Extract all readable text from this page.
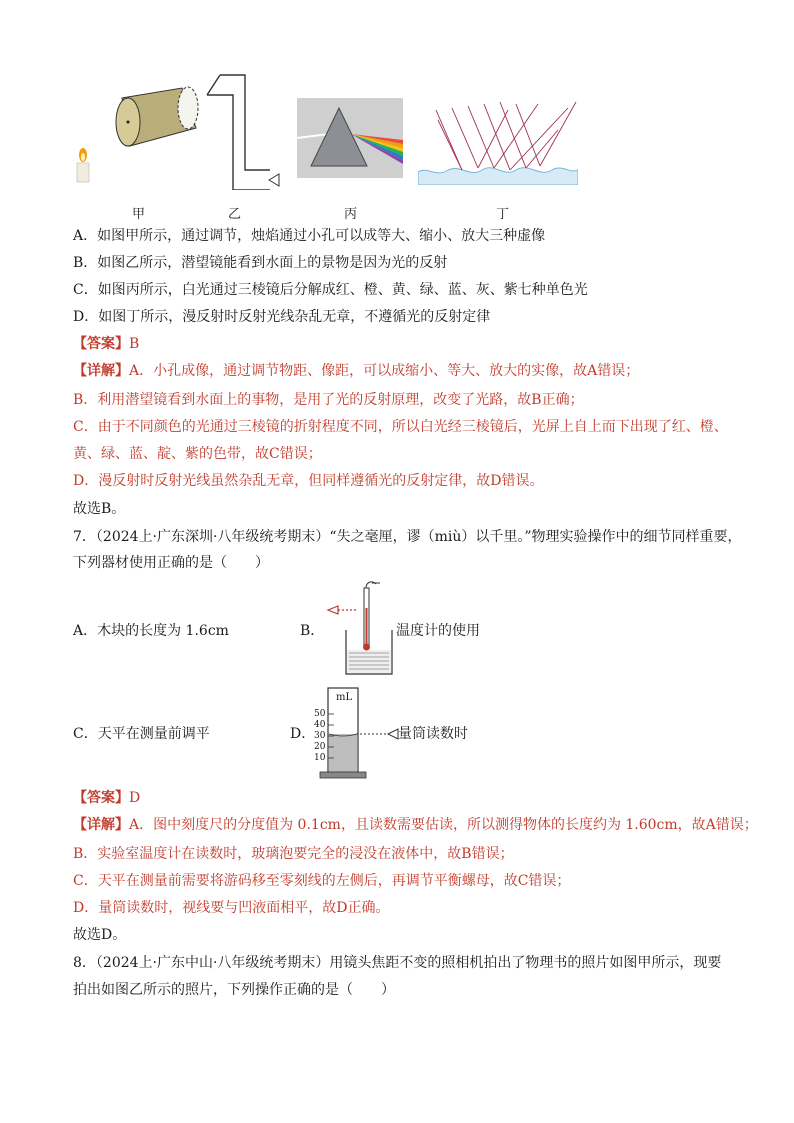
甲	乙	丙	丁
A．如图甲所示，通过调节，烛焰通过小孔可以成等大、缩小、放大三种虚像
B．如图乙所示，潜望镜能看到水面上的景物是因为光的反射
C．如图丙所示，白光通过三棱镜后分解成红、橙、黄、绿、蓝、灰、紫七种单色光
D．如图丁所示，漫反射时反射光线杂乱无章，不遵循光的反射定律
【答案】B
【详解】A．小孔成像，通过调节物距、像距，可以成缩小、等大、放大的实像，故A错误；
B．利用潜望镜看到水面上的事物，是用了光的反射原理，改变了光路，故B正确；
C．由于不同颜色的光通过三棱镜的折射程度不同，所以白光经三棱镜后，光屏上自上而下出现了红、橙、
黄、绿、蓝、靛、紫的色带，故C错误；
D．漫反射时反射光线虽然杂乱无章，但同样遵循光的反射定律，故D错误。
故选B。
7．（2024上·广东深圳·八年级统考期末）“失之毫厘，谬（miù）以千里。”物理实验操作中的细节同样重要，
下列器材使用正确的是（　　）
A．木块的长度为 1.6cm	B．	温度计的使用
C．天平在测量前调平	D．
mL
50
40
30
20
10
量筒读数时
【答案】D
【详解】A．图中刻度尺的分度值为 0.1cm，且读数需要估读，所以测得物体的长度约为 1.60cm，故A错误；
B．实验室温度计在读数时，玻璃泡要完全的浸没在液体中，故B错误；
C．天平在测量前需要将游码移至零刻线的左侧后，再调节平衡螺母，故C错误；
D．量筒读数时，视线要与凹液面相平，故D正确。
故选D。
8．（2024上·广东中山·八年级统考期末）用镜头焦距不变的照相机拍出了物理书的照片如图甲所示，现要
拍出如图乙所示的照片，下列操作正确的是（　　）
